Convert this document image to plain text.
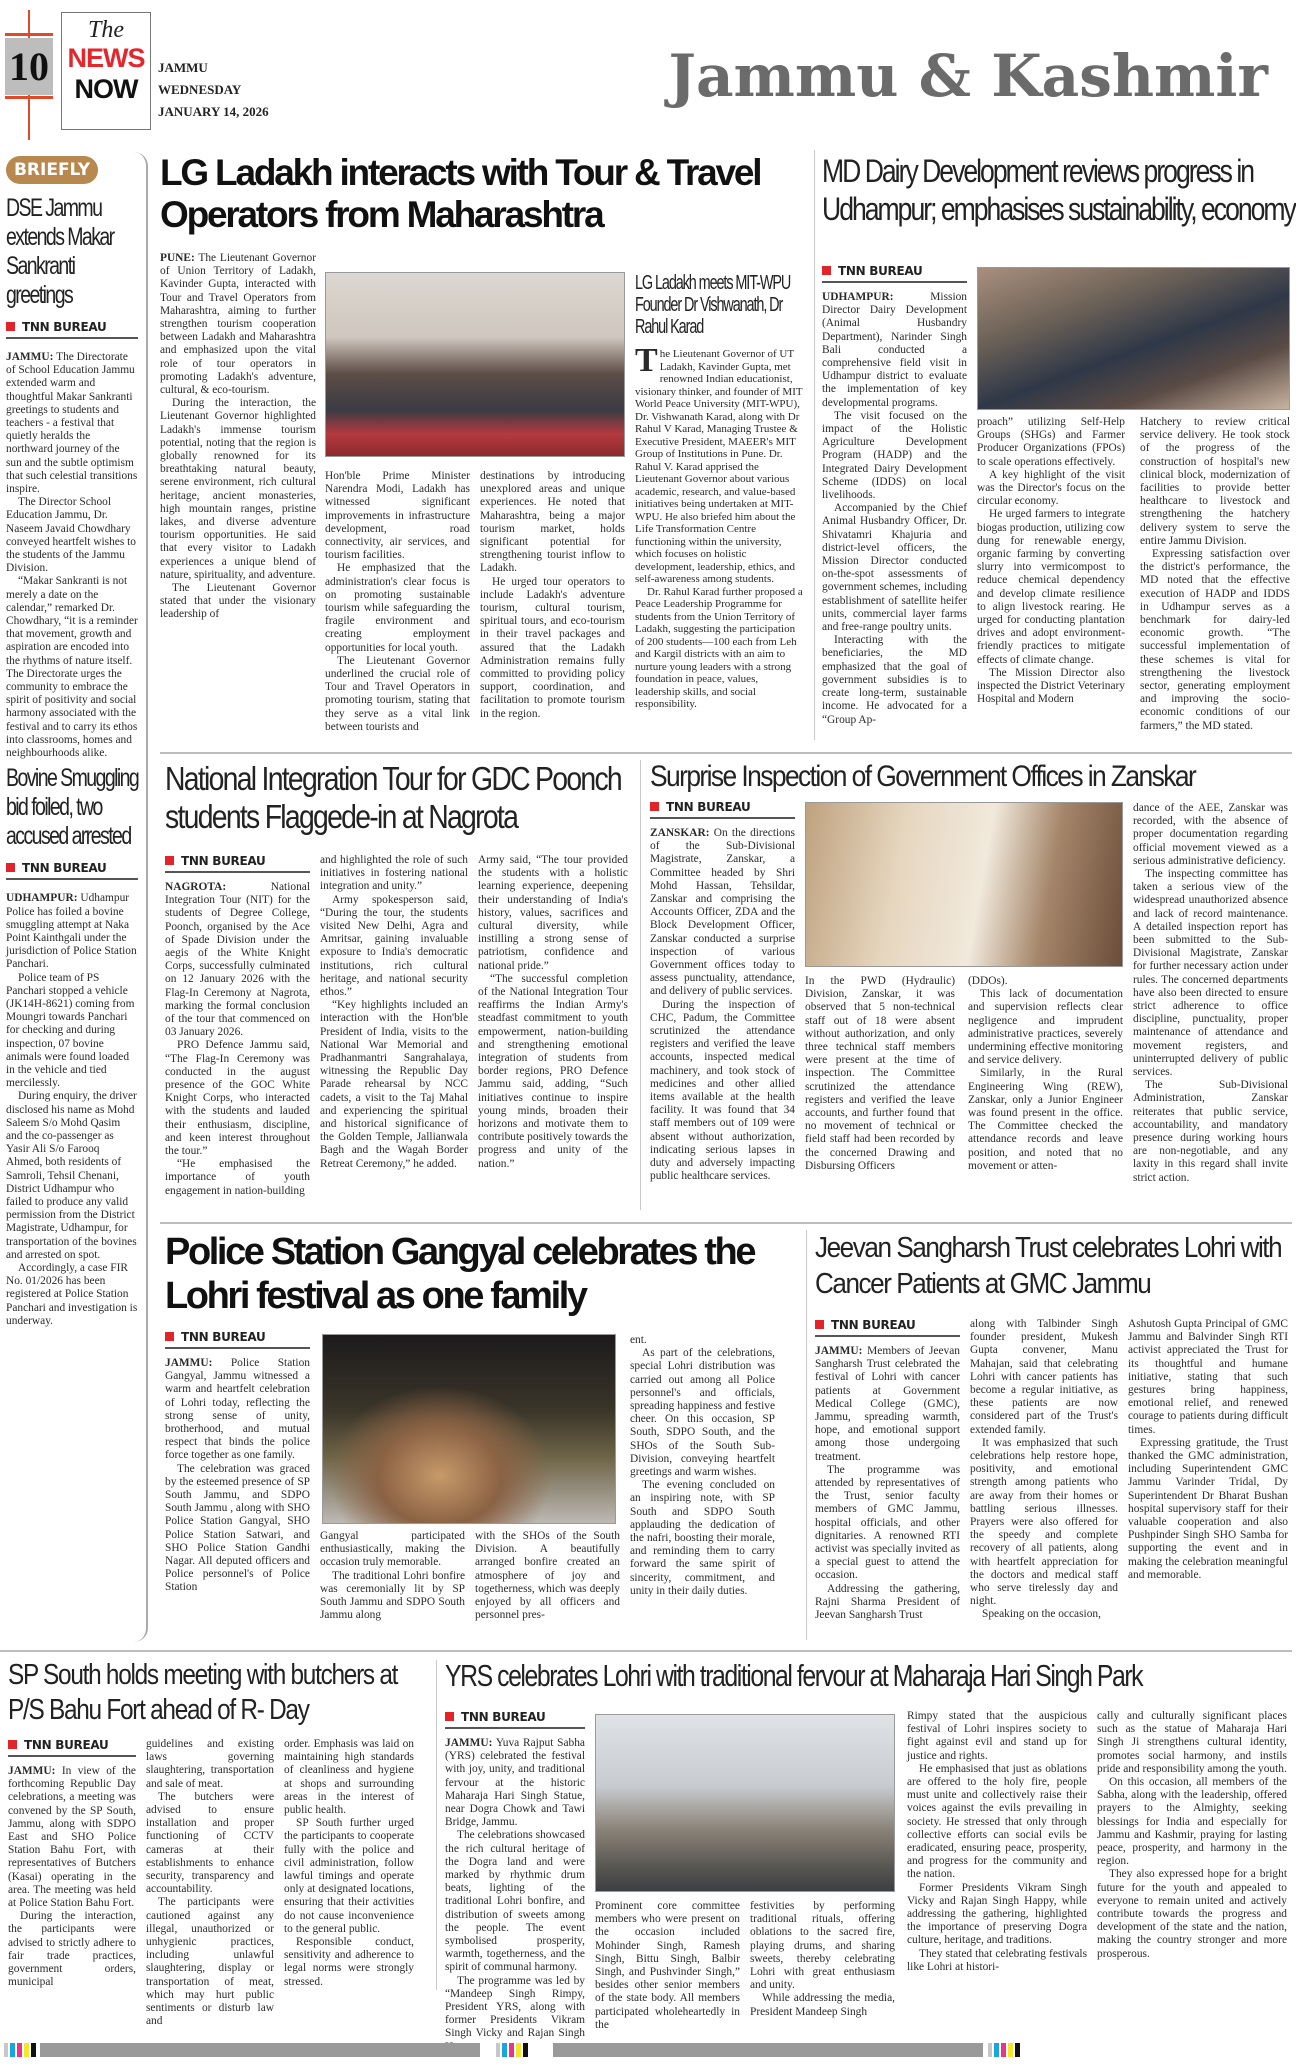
10
The
NEWS
NOW
JAMMU
WEDNESDAY
JANUARY 14, 2026
Jammu & Kashmir
BRIEFLY
DSE Jammu extends Makar Sankranti greetings
TNN BUREAU

JAMMU: The Directorate of School Education Jammu extended warm and thoughtful Makar Sankranti greetings to students and teachers - a festival that quietly heralds the northward journey of the sun and the subtle optimism that such celestial transitions inspire.

The Director School Education Jammu, Dr. Naseem Javaid Chowdhary conveyed heartfelt wishes to the students of the Jammu Division.

“Makar Sankranti is not merely a date on the calendar,” remarked Dr. Chowdhary, “it is a reminder that movement, growth and aspiration are encoded into the rhythms of nature itself. The Directorate urges the community to embrace the spirit of positivity and social harmony associated with the festival and to carry its ethos into classrooms, homes and neighbourhoods alike.

Bovine Smuggling bid foiled, two accused arrested
TNN BUREAU

UDHAMPUR: Udhampur Police has foiled a bovine smuggling attempt at Naka Point Kainthgali under the jurisdiction of Police Station Panchari.

Police team of PS Panchari stopped a vehicle (JK14H-8621) coming from Moungri towards Panchari for checking and during inspection, 07 bovine animals were found loaded in the vehicle and tied mercilessly.

During enquiry, the driver disclosed his name as Mohd Saleem S/o Mohd Qasim and the co-passenger as Yasir Ali S/o Farooq Ahmed, both residents of Samroli, Tehsil Chenani, District Udhampur who failed to produce any valid permission from the District Magistrate, Udhampur, for transportation of the bovines and arrested on spot.

Accordingly, a case FIR No. 01/2026 has been registered at Police Station Panchari and investigation is underway.

LG Ladakh interacts with Tour & Travel Operators from Maharashtra

PUNE: The Lieutenant Governor of Union Territory of Ladakh, Kavinder Gupta, interacted with Tour and Travel Operators from Maharashtra, aiming to further strengthen tourism cooperation between Ladakh and Maharashtra and emphasized upon the vital role of tour operators in promoting Ladakh's adventure, cultural, & eco-tourism.

During the interaction, the Lieutenant Governor highlighted Ladakh's immense tourism potential, noting that the region is globally renowned for its breathtaking natural beauty, serene environment, rich cultural heritage, ancient monasteries, high mountain ranges, pristine lakes, and diverse adventure tourism opportunities. He said that every visitor to Ladakh experiences a unique blend of nature, spirituality, and adventure.

The Lieutenant Governor stated that under the visionary leadership of

Hon'ble Prime Minister Narendra Modi, Ladakh has witnessed significant improvements in infrastructure development, road connectivity, air services, and tourism facilities.

He emphasized that the administration's clear focus is on promoting sustainable tourism while safeguarding the fragile environment and creating employment opportunities for local youth.

The Lieutenant Governor underlined the crucial role of Tour and Travel Operators in promoting tourism, stating that they serve as a vital link between tourists and

destinations by introducing unexplored areas and unique experiences. He noted that Maharashtra, being a major tourism market, holds significant potential for strengthening tourist inflow to Ladakh.

He urged tour operators to include Ladakh's adventure tourism, cultural tourism, spiritual tours, and eco-tourism in their travel packages and assured that the Ladakh Administration remains fully committed to providing policy support, coordination, and facilitation to promote tourism in the region.

LG Ladakh meets MIT-WPU Founder Dr Vishwanath, Dr Rahul Karad

The Lieutenant Governor of UT Ladakh, Kavinder Gupta, met renowned Indian educationist, visionary thinker, and founder of MIT World Peace University (MIT-WPU), Dr. Vishwanath Karad, along with Dr Rahul V Karad, Managing Trustee & Executive President, MAEER's MIT Group of Institutions in Pune. Dr. Rahul V. Karad apprised the Lieutenant Governor about various academic, research, and value-based initiatives being undertaken at MIT-WPU. He also briefed him about the Life Transformation Centre functioning within the university, which focuses on holistic development, leadership, ethics, and self-awareness among students.

Dr. Rahul Karad further proposed a Peace Leadership Programme for students from the Union Territory of Ladakh, suggesting the participation of 200 students—100 each from Leh and Kargil districts with an aim to nurture young leaders with a strong foundation in peace, values, leadership skills, and social responsibility.

MD Dairy Development reviews progress in Udhampur; emphasises sustainability, economy
TNN BUREAU

UDHAMPUR:	Mission Director Dairy Development (Animal Husbandry Department), Narinder Singh Bali conducted a comprehensive field visit in Udhampur district to evaluate the implementation of key developmental programs.

The visit focused on the impact of the Holistic Agriculture Development Program (HADP) and the Integrated Dairy Development Scheme (IDDS) on local livelihoods.

Accompanied by the Chief Animal Husbandry Officer, Dr. Shivatamri Khajuria and district-level officers, the Mission Director conducted on-the-spot assessments of government schemes, including establishment of satellite heifer units, commercial layer farms and free-range poultry units.

Interacting with the beneficiaries, the MD emphasized that the goal of government subsidies is to create long-term, sustainable income. He advocated for a “Group Ap-

proach” utilizing Self-Help Groups (SHGs) and Farmer Producer Organizations (FPOs) to scale operations effectively.

A key highlight of the visit was the Director's focus on the circular economy.

He urged farmers to integrate biogas production, utilizing cow dung for renewable energy, organic farming by converting slurry into vermicompost to reduce chemical dependency and develop climate resilience to align livestock rearing. He urged for conducting plantation drives and adopt environment-friendly practices to mitigate effects of climate change.

The Mission Director also inspected the District Veterinary Hospital and Modern

Hatchery to review critical service delivery. He took stock of the progress of the construction of hospital's new clinical block, modernization of facilities to provide better healthcare to livestock and strengthening the hatchery delivery system to serve the entire Jammu Division.

Expressing satisfaction over the district's performance, the MD noted that the effective execution of HADP and IDDS in Udhampur serves as a benchmark for dairy-led economic growth. “The successful implementation of these schemes is vital for strengthening the livestock sector, generating employment and improving the socio-economic conditions of our farmers,” the MD stated.

National Integration Tour for GDC Poonch students Flaggede-in at Nagrota
TNN BUREAU

NAGROTA:	National Integration Tour (NIT) for the students of Degree College, Poonch, organised by the Ace of Spade Division under the aegis of the White Knight Corps, successfully culminated on 12 January 2026 with the Flag-In Ceremony at Nagrota, marking the formal conclusion of the tour that commenced on 03 January 2026.

PRO Defence Jammu said, “The Flag-In Ceremony was conducted in the august presence of the GOC White Knight Corps, who interacted with the students and lauded their enthusiasm, discipline, and keen interest throughout the tour.”

“He emphasised the importance of youth engagement in nation-building

and highlighted the role of such initiatives in fostering national integration and unity.”

Army spokesperson said, “During the tour, the students visited New Delhi, Agra and Amritsar, gaining invaluable exposure to India's democratic institutions, rich cultural heritage, and national security ethos.”

“Key highlights included an interaction with the Hon'ble President of India, visits to the National War Memorial and Pradhanmantri Sangrahalaya, witnessing the Republic Day Parade rehearsal by NCC cadets, a visit to the Taj Mahal and experiencing the spiritual and historical significance of the Golden Temple, Jallianwala Bagh and the Wagah Border Retreat Ceremony,” he added.

Army said, “The tour provided the students with a holistic learning experience, deepening their understanding of India's history, values, sacrifices and cultural diversity, while instilling a strong sense of patriotism, confidence and national pride.”

“The successful completion of the National Integration Tour reaffirms the Indian Army's steadfast commitment to youth empowerment, nation-building and strengthening emotional integration of students from border regions, PRO Defence Jammu said, adding, “Such initiatives continue to inspire young minds, broaden their horizons and motivate them to contribute positively towards the progress and unity of the nation.”

Surprise Inspection of Government Offices in Zanskar
TNN BUREAU

ZANSKAR: On the directions of the Sub-Divisional Magistrate, Zanskar, a Committee headed by Shri Mohd Hassan, Tehsildar, Zanskar and comprising the Accounts Officer, ZDA and the Block Development Officer, Zanskar conducted a surprise inspection of various Government offices today to assess punctuality, attendance, and delivery of public services.

During the inspection of CHC, Padum, the Committee scrutinized the attendance registers and verified the leave accounts, inspected medical machinery, and took stock of medicines and other allied items available at the health facility. It was found that 34 staff members out of 109 were absent without authorization, indicating serious lapses in duty and adversely impacting public healthcare services.

In the PWD (Hydraulic) Division, Zanskar, it was observed that 5 non-technical staff out of 18 were absent without authorization, and only three technical staff members were present at the time of inspection. The Committee scrutinized the attendance registers and verified the leave accounts, and further found that no movement of technical or field staff had been recorded by the concerned Drawing and Disbursing Officers

(DDOs).

This lack of documentation and supervision reflects clear negligence and imprudent administrative practices, severely undermining effective monitoring and service delivery.

Similarly, in the Rural Engineering Wing (REW), Zanskar, only a Junior Engineer was found present in the office. The Committee checked the attendance records and leave position, and noted that no movement or atten-

dance of the AEE, Zanskar was recorded, with the absence of proper documentation regarding official movement viewed as a serious administrative deficiency.

The inspecting committee has taken a serious view of the widespread unauthorized absence and lack of record maintenance. A detailed inspection report has been submitted to the Sub-Divisional Magistrate, Zanskar for further necessary action under rules. The concerned departments have also been directed to ensure strict adherence to office discipline, punctuality, proper maintenance of attendance and movement registers, and uninterrupted delivery of public services.

The Sub-Divisional Administration, Zanskar reiterates that public service, accountability, and mandatory presence during working hours are non-negotiable, and any laxity in this regard shall invite strict action.

Police Station Gangyal celebrates the Lohri festival as one family
TNN BUREAU

JAMMU: Police Station Gangyal, Jammu witnessed a warm and heartfelt celebration of Lohri today, reflecting the strong sense of unity, brotherhood, and mutual respect that binds the police force together as one family.

The celebration was graced by the esteemed presence of SP South Jammu, and SDPO South Jammu , along with SHO Police Station Gangyal, SHO Police Station Satwari, and SHO Police Station Gandhi Nagar. All deputed officers and Police personnel's of Police Station

Gangyal participated enthusiastically, making the occasion truly memorable.

The traditional Lohri bonfire was ceremonially lit by SP South Jammu and SDPO South Jammu along

with the SHOs of the South Division. A beautifully arranged bonfire created an atmosphere of joy and togetherness, which was deeply enjoyed by all officers and personnel pres-

ent.

As part of the celebrations, special Lohri distribution was carried out among all Police personnel's and officials, spreading happiness and festive cheer. On this occasion, SP South, SDPO South, and the SHOs of the South Sub-Division, conveying heartfelt greetings and warm wishes.

The evening concluded on an inspiring note, with SP South and SDPO South applauding the dedication of the nafri, boosting their morale, and reminding them to carry forward the same spirit of sincerity, commitment, and unity in their daily duties.

Jeevan Sangharsh Trust celebrates Lohri with Cancer Patients at GMC Jammu
TNN BUREAU

JAMMU: Members of Jeevan Sangharsh Trust celebrated the festival of Lohri with cancer patients at Government Medical College (GMC), Jammu, spreading warmth, hope, and emotional support among those undergoing treatment.

The programme was attended by representatives of the Trust, senior faculty members of GMC Jammu, hospital officials, and other dignitaries. A renowned RTI activist was specially invited as a special guest to attend the occasion.

Addressing the gathering, Rajni Sharma President of Jeevan Sangharsh Trust

along with Talbinder Singh founder president, Mukesh Gupta convener, Manu Mahajan, said that celebrating Lohri with cancer patients has become a regular initiative, as these patients are now considered part of the Trust's extended family.

It was emphasized that such celebrations help restore hope, positivity, and emotional strength among patients who are away from their homes or battling serious illnesses. Prayers were also offered for the speedy and complete recovery of all patients, along with heartfelt appreciation for the doctors and medical staff who serve tirelessly day and night.

Speaking on the occasion,

Ashutosh Gupta Principal of GMC Jammu and Balvinder Singh RTI activist appreciated the Trust for its thoughtful and humane initiative, stating that such gestures bring happiness, emotional relief, and renewed courage to patients during difficult times.

Expressing gratitude, the Trust thanked the GMC administration, including Superintendent GMC Jammu Varinder Tridal, Dy Superintendent Dr Bharat Bushan hospital supervisory staff for their valuable cooperation and also Pushpinder Singh SHO Samba for supporting the event and in making the celebration meaningful and memorable.

SP South holds meeting with butchers at P/S Bahu Fort ahead of R- Day
TNN BUREAU

JAMMU: In view of the forthcoming Republic Day celebrations, a meeting was convened by the SP South, Jammu, along with SDPO East and SHO Police Station Bahu Fort, with representatives of Butchers (Kasai) operating in the area. The meeting was held at Police Station Bahu Fort.

During the interaction, the participants were advised to strictly adhere to fair trade practices, government orders, municipal

guidelines and existing laws governing slaughtering, transportation and sale of meat.

The butchers were advised to ensure installation and proper functioning of CCTV cameras at their establishments to enhance security, transparency and accountability.

The participants were cautioned against any illegal, unauthorized or unhygienic practices, including unlawful slaughtering, display or transportation of meat, which may hurt public sentiments or disturb law and

order. Emphasis was laid on maintaining high standards of cleanliness and hygiene at shops and surrounding areas in the interest of public health.

SP South further urged the participants to cooperate fully with the police and civil administration, follow lawful timings and operate only at designated locations, ensuring that their activities do not cause inconvenience to the general public.

Responsible conduct, sensitivity and adherence to legal norms were strongly stressed.

YRS celebrates Lohri with traditional fervour at Maharaja Hari Singh Park
TNN BUREAU

JAMMU: Yuva Rajput Sabha (YRS) celebrated the festival with joy, unity, and traditional fervour at the historic Maharaja Hari Singh Statue, near Dogra Chowk and Tawi Bridge, Jammu.

The celebrations showcased the rich cultural heritage of the Dogra land and were marked by rhythmic drum beats, lighting of the traditional Lohri bonfire, and distribution of sweets among the people. The event symbolised prosperity, warmth, togetherness, and the spirit of communal harmony.

The programme was led by “Mandeep Singh Rimpy, President YRS, along with former Presidents Vikram Singh Vicky and Rajan Singh

Prominent core committee members who were present on the occasion included Mohinder Singh, Ramesh Singh, Bittu Singh, Balbir Singh, and Pushvinder Singh,” besides other senior members of the state body. All members participated wholeheartedly in the

festivities by performing traditional rituals, offering oblations to the sacred fire, playing drums, and sharing sweets, thereby celebrating Lohri with great enthusiasm and unity.

While addressing the media, President Mandeep Singh

Rimpy stated that the auspicious festival of Lohri inspires society to fight against evil and stand up for justice and rights.

He emphasised that just as oblations are offered to the holy fire, people must unite and collectively raise their voices against the evils prevailing in society. He stressed that only through collective efforts can social evils be eradicated, ensuring peace, prosperity, and progress for the community and the nation.

Former Presidents Vikram Singh Vicky and Rajan Singh Happy, while addressing the gathering, highlighted the importance of preserving Dogra culture, heritage, and traditions.

They stated that celebrating festivals like Lohri at histori-

cally and culturally significant places such as the statue of Maharaja Hari Singh Ji strengthens cultural identity, promotes social harmony, and instils pride and responsibility among the youth.

On this occasion, all members of the Sabha, along with the leadership, offered prayers to the Almighty, seeking blessings for India and especially for Jammu and Kashmir, praying for lasting peace, prosperity, and harmony in the region.

They also expressed hope for a bright future for the youth and appealed to everyone to remain united and actively contribute towards the progress and development of the state and the nation, making the country stronger and more prosperous.
